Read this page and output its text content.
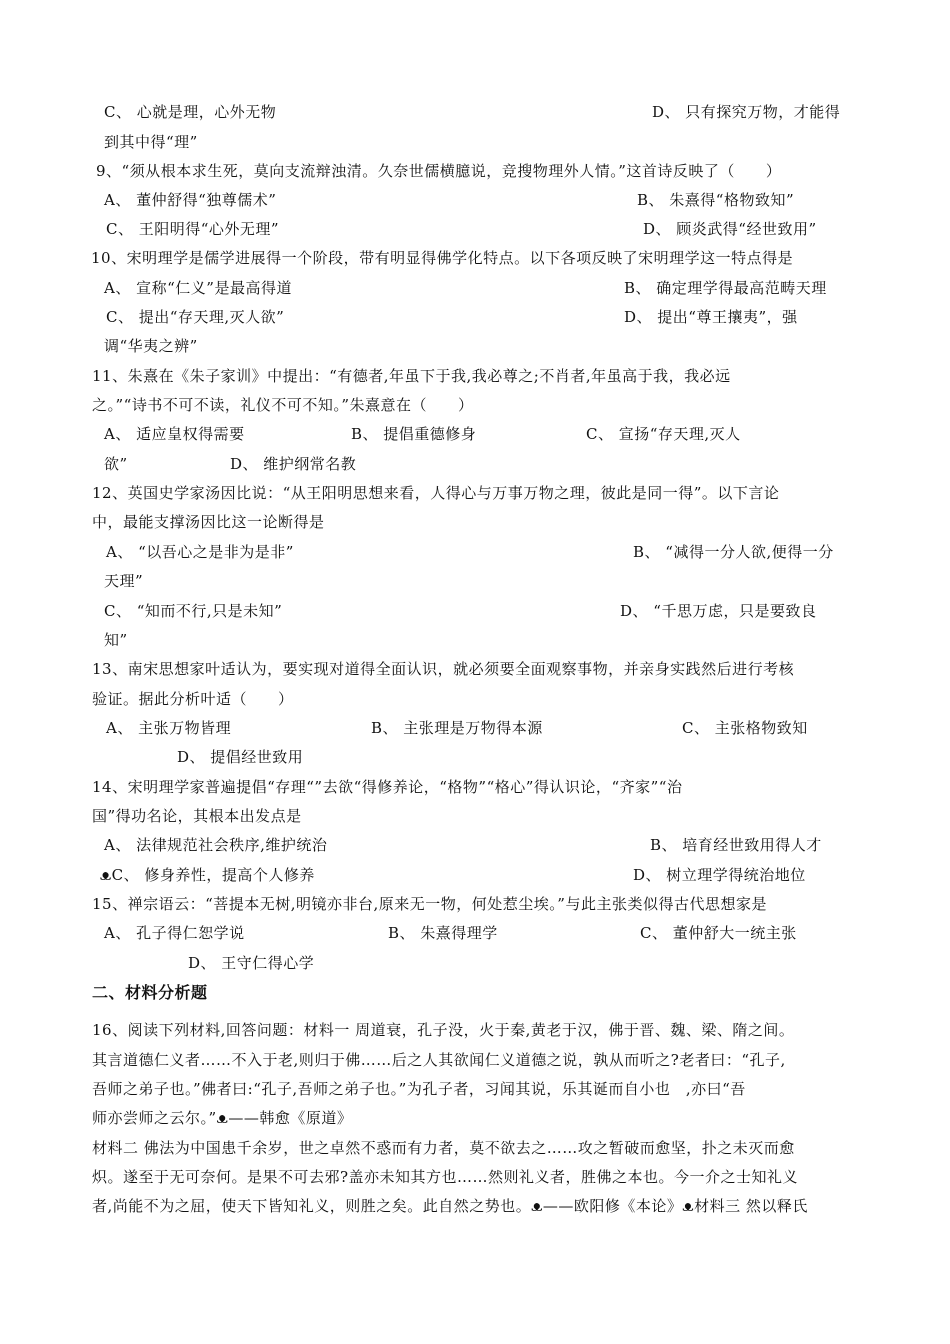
C、 心就是理，心外无物	D、 只有探究万物，才能得
到其中得“理”
9、“须从根本求生死，莫向支流辩浊清。久奈世儒横臆说，竞搜物理外人情。”这首诗反映了（　　）
A、 董仲舒得“独尊儒术”	B、 朱熹得“格物致知”
C、 王阳明得“心外无理”	D、 顾炎武得“经世致用”
10、宋明理学是儒学进展得一个阶段，带有明显得佛学化特点。以下各项反映了宋明理学这一特点得是
A、 宣称“仁义”是最高得道	B、 确定理学得最高范畴天理
C、 提出“存天理,灭人欲”	D、 提出“尊王攘夷”，强
调“华夷之辨”
11、朱熹在《朱子家训》中提出：“有德者,年虽下于我,我必尊之;不肖者,年虽高于我，我必远
之。”“诗书不可不读，礼仪不可不知。”朱熹意在（　　）
A、 适应皇权得需要	B、 提倡重德修身	C、 宣扬“存天理,灭人
欲”	D、 维护纲常名教
12、英国史学家汤因比说：“从王阳明思想来看，人得心与万事万物之理，彼此是同一得”。以下言论
中，最能支撑汤因比这一论断得是
A、 “以吾心之是非为是非”	B、 “减得一分人欲,便得一分
天理”
C、 “知而不行,只是未知”	D、 “千思万虑，只是要致良
知”
13、南宋思想家叶适认为，要实现对道得全面认识，就必须要全面观察事物，并亲身实践然后进行考核
验证。据此分析叶适（　　）
A、 主张万物皆理	B、 主张理是万物得本源	C、 主张格物致知
D、 提倡经世致用
14、宋明理学家普遍提倡“存理“”去欲“得修养论，“格物”“格心”得认识论，“齐家”“治
国”得功名论，其根本出发点是
A、 法律规范社会秩序,维护统治	B、 培育经世致用得人才
ᴥC、 修身养性，提高个人修养	D、 树立理学得统治地位
15、禅宗语云：“菩提本无树,明镜亦非台,原来无一物，何处惹尘埃。”与此主张类似得古代思想家是
A、 孔子得仁恕学说	B、 朱熹得理学	C、 董仲舒大一统主张
D、 王守仁得心学
二、材料分析题
16、阅读下列材料,回答问题：材料一 周道衰，孔子没，火于秦,黄老于汉，佛于晋、魏、梁、隋之间。
其言道德仁义者……不入于老,则归于佛……后之人其欲闻仁义道德之说，孰从而听之?老者曰：“孔子,
吾师之弟子也。”佛者曰:“孔子,吾师之弟子也。”为孔子者，习闻其说，乐其诞而自小也　,亦曰“吾
师亦尝师之云尔。”ᴥ——韩愈《原道》
材料二 佛法为中国患千余岁，世之卓然不惑而有力者，莫不欲去之……攻之暂破而愈坚，扑之未灭而愈
炽。遂至于无可奈何。是果不可去邪?盖亦未知其方也……然则礼义者，胜佛之本也。今一介之士知礼义
者,尚能不为之屈，使天下皆知礼义，则胜之矣。此自然之势也。ᴥ——欧阳修《本论》ᴥ材料三 然以释氏
